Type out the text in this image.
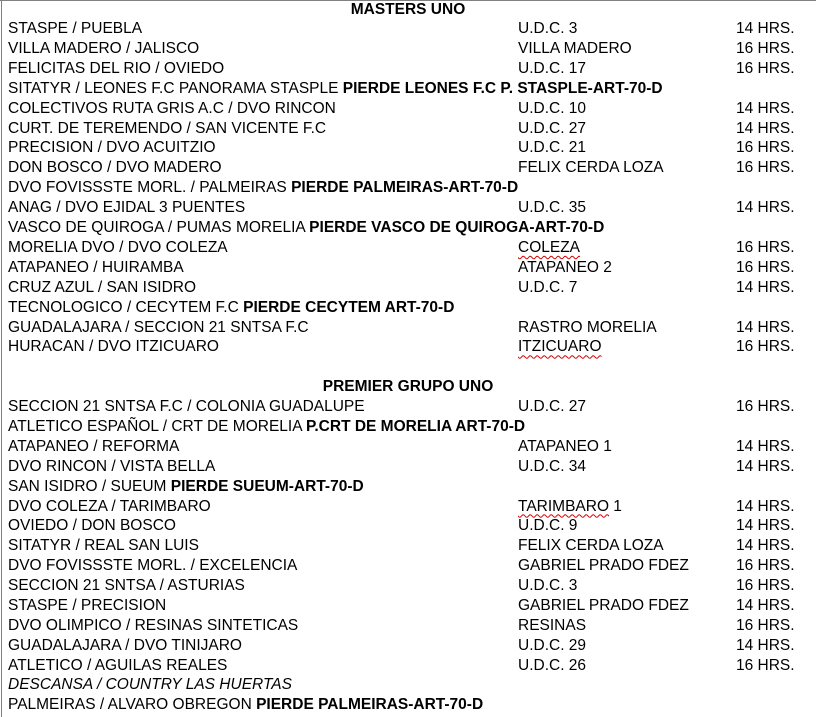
MASTERS UNO
STASPE / PUEBLA	U.D.C. 3	14 HRS.
VILLA MADERO / JALISCO	VILLA MADERO	16 HRS.
FELICITAS DEL RIO / OVIEDO	U.D.C. 17	16 HRS.
SITATYR / LEONES F.C PANORAMA STASPLE PIERDE LEONES F.C P. STASPLE-ART-70-D
COLECTIVOS RUTA GRIS A.C / DVO RINCON	U.D.C. 10	14 HRS.
CURT. DE TEREMENDO / SAN VICENTE F.C	U.D.C. 27	14 HRS.
PRECISION / DVO ACUITZIO	U.D.C. 21	16 HRS.
DON BOSCO / DVO MADERO	FELIX CERDA LOZA	16 HRS.
DVO FOVISSSTE MORL. / PALMEIRAS PIERDE PALMEIRAS-ART-70-D
ANAG / DVO EJIDAL 3 PUENTES	U.D.C. 35	14 HRS.
VASCO DE QUIROGA / PUMAS MORELIA PIERDE VASCO DE QUIROGA-ART-70-D
MORELIA DVO / DVO COLEZA	COLEZA	16 HRS.
ATAPANEO / HUIRAMBA	ATAPANEO 2	16 HRS.
CRUZ AZUL / SAN ISIDRO	U.D.C. 7	14 HRS.
TECNOLOGICO / CECYTEM F.C PIERDE CECYTEM ART-70-D
GUADALAJARA / SECCION 21 SNTSA F.C	RASTRO MORELIA	14 HRS.
HURACAN / DVO ITZICUARO	ITZICUARO	16 HRS.
PREMIER GRUPO UNO
SECCION 21 SNTSA F.C / COLONIA GUADALUPE	U.D.C. 27	16 HRS.
ATLETICO ESPAÑOL / CRT DE MORELIA P.CRT DE MORELIA ART-70-D
ATAPANEO / REFORMA	ATAPANEO 1	14 HRS.
DVO RINCON / VISTA BELLA	U.D.C. 34	14 HRS.
SAN ISIDRO / SUEUM PIERDE SUEUM-ART-70-D
DVO COLEZA / TARIMBARO	TARIMBARO 1	14 HRS.
OVIEDO / DON BOSCO	U.D.C. 9	14 HRS.
SITATYR / REAL SAN LUIS	FELIX CERDA LOZA	14 HRS.
DVO FOVISSSTE MORL. / EXCELENCIA	GABRIEL PRADO FDEZ	16 HRS.
SECCION 21 SNTSA / ASTURIAS	U.D.C. 3	16 HRS.
STASPE / PRECISION	GABRIEL PRADO FDEZ	14 HRS.
DVO OLIMPICO / RESINAS SINTETICAS	RESINAS	16 HRS.
GUADALAJARA / DVO TINIJARO	U.D.C. 29	14 HRS.
ATLETICO / AGUILAS REALES	U.D.C. 26	16 HRS.
DESCANSA / COUNTRY LAS HUERTAS
PALMEIRAS / ALVARO OBREGON PIERDE PALMEIRAS-ART-70-D
